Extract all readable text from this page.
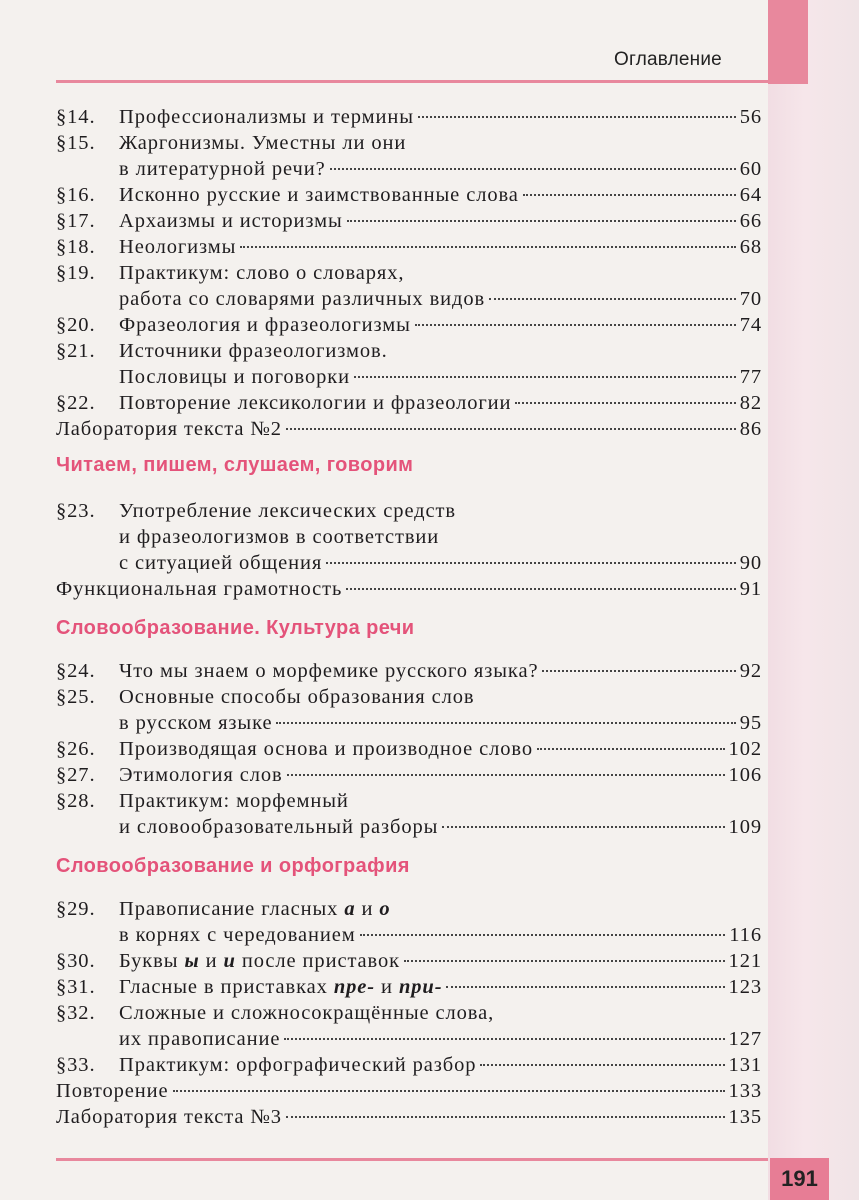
Оглавление
§14. Профессионализмы и термины	56
§15. Жаргонизмы. Уместны ли они
в литературной речи?	60
§16. Исконно русские и заимствованные слова	64
§17. Архаизмы и историзмы	66
§18. Неологизмы	68
§19. Практикум: слово о словарях,
работа со словарями различных видов	70
§20. Фразеология и фразеологизмы	74
§21. Источники фразеологизмов.
Пословицы и поговорки	77
§22. Повторение лексикологии и фразеологии	82
Лаборатория текста №2	86
Читаем, пишем, слушаем, говорим
§23. Употребление лексических средств
и фразеологизмов в соответствии
с ситуацией общения	90
Функциональная грамотность	91
Словообразование. Культура речи
§24. Что мы знаем о морфемике русского языка?	92
§25. Основные способы образования слов
в русском языке	95
§26. Производящая основа и производное слово	102
§27. Этимология слов	106
§28. Практикум: морфемный
и словообразовательный разборы	109
Словообразование и орфография
§29. Правописание гласных а и о
в корнях с чередованием	116
§30. Буквы ы и и после приставок	121
§31. Гласные в приставках пре- и при-	123
§32. Сложные и сложносокращённые слова,
их правописание	127
§33. Практикум: орфографический разбор	131
Повторение	133
Лаборатория текста №3	135
191
